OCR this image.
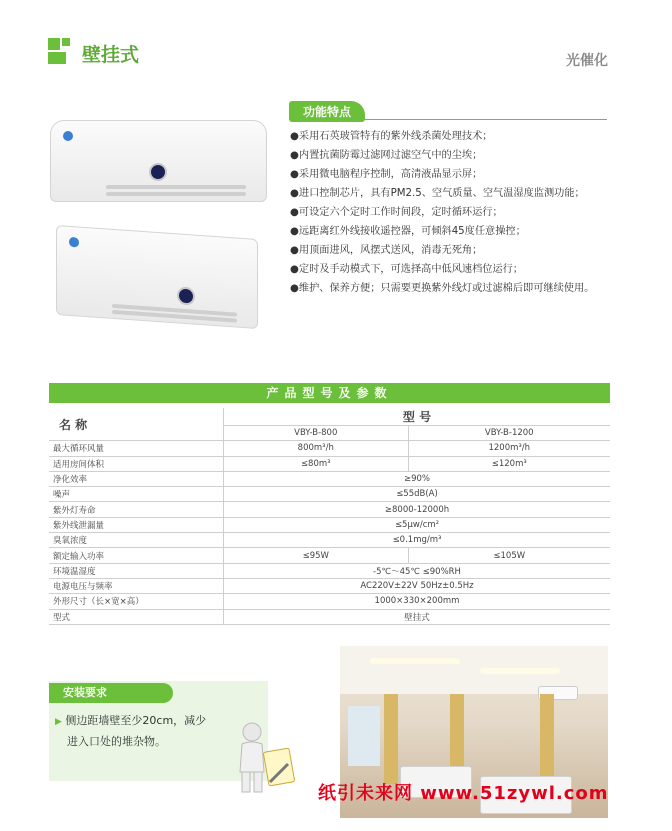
壁挂式	光催化
功能特点
●采用石英玻管特有的紫外线杀菌处理技术；
●内置抗菌防霉过滤网过滤空气中的尘埃；
●采用微电脑程序控制，高清液晶显示屏；
●进口控制芯片，具有PM2.5、空气质量、空气温湿度监测功能；
●可设定六个定时工作时间段，定时循环运行；
●远距离红外线接收遥控器，可倾斜45度任意操控；
●用顶面进风，风摆式送风，消毒无死角；
●定时及手动模式下，可选择高中低风速档位运行；
●维护、保养方便；只需要更换紫外线灯或过滤棉后即可继续使用。
产品型号及参数
名 称	型 号	
	VBY-B-800	VBY-B-1200
最大循环风量	800m³/h	1200m³/h
适用房间体积	≤80m³	≤120m³
净化效率	≥90%	
噪声	≤55dB(A)	
紫外灯寿命	≥8000-12000h	
紫外线泄漏量	≤5μw/cm²	
臭氧浓度	≤0.1mg/m³	
额定输入功率	≤95W	≤105W
环境温湿度	-5℃～45℃ ≤90%RH	
电源电压与频率	AC220V±22V 50Hz±0.5Hz	
外形尺寸（长×宽×高）	1000×330×200mm	
型式	壁挂式	
安装要求
▶ 侧边距墙壁至少20cm，减少
进入口处的堆杂物。
纸引未来网 www.51zywl.com
